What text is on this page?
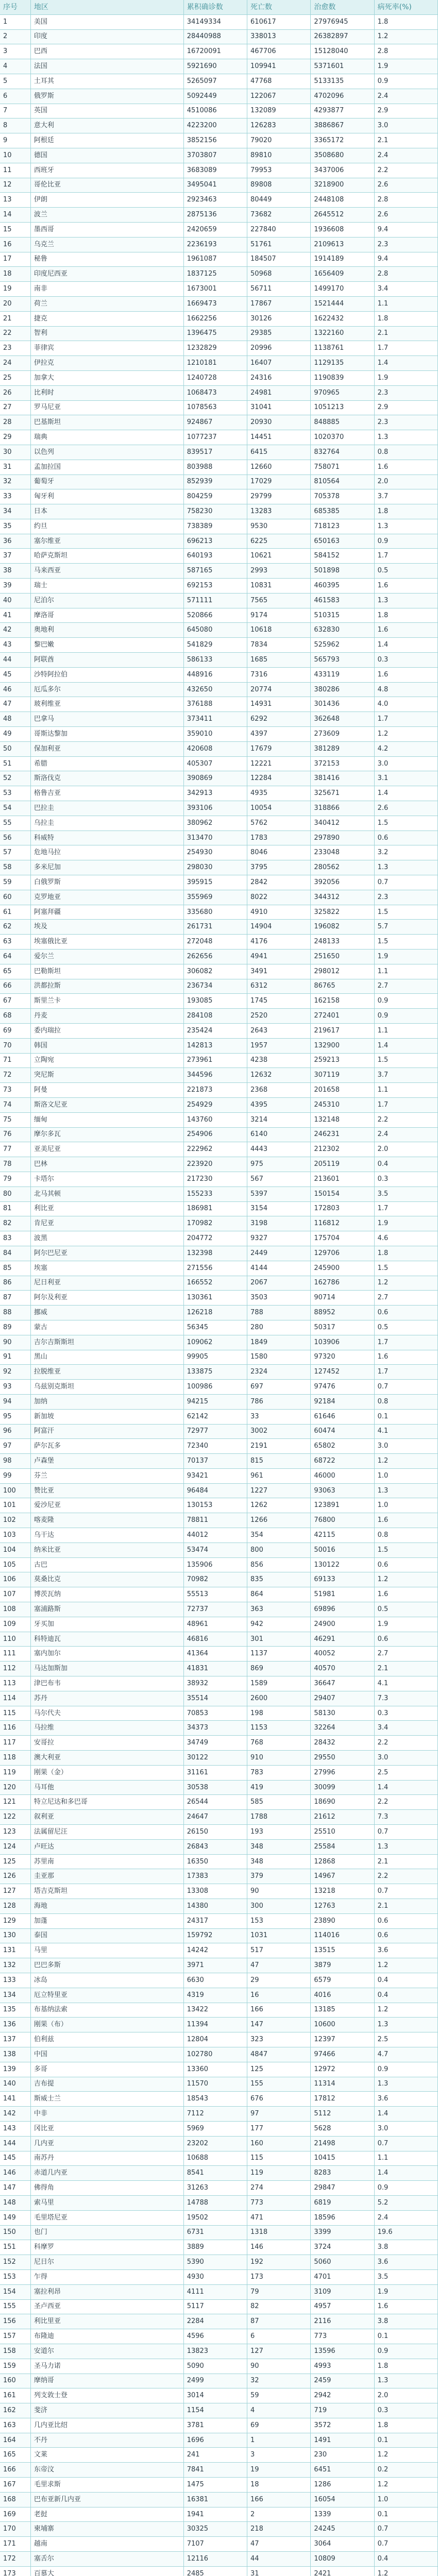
序号	地区	累积确诊数	死亡数	治愈数	病死率(%)
1	美国	34149334	610617	27976945	1.8
2	印度	28440988	338013	26382897	1.2
3	巴西	16720091	467706	15128040	2.8
4	法国	5921690	109941	5371601	1.9
5	土耳其	5265097	47768	5133135	0.9
6	俄罗斯	5092449	122067	4702096	2.4
7	英国	4510086	132089	4293877	2.9
8	意大利	4223200	126283	3886867	3.0
9	阿根廷	3852156	79020	3365172	2.1
10	德国	3703807	89810	3508680	2.4
11	西班牙	3683089	79953	3437006	2.2
12	哥伦比亚	3495041	89808	3218900	2.6
13	伊朗	2923463	80449	2448108	2.8
14	波兰	2875136	73682	2645512	2.6
15	墨西哥	2420659	227840	1936608	9.4
16	乌克兰	2236193	51761	2109613	2.3
17	秘鲁	1961087	184507	1914189	9.4
18	印度尼西亚	1837125	50968	1656409	2.8
19	南非	1673001	56711	1499170	3.4
20	荷兰	1669473	17867	1521444	1.1
21	捷克	1662256	30126	1622432	1.8
22	智利	1396475	29385	1322160	2.1
23	菲律宾	1232829	20996	1138761	1.7
24	伊拉克	1210181	16407	1129135	1.4
25	加拿大	1240728	24316	1190839	1.9
26	比利时	1068473	24981	970965	2.3
27	罗马尼亚	1078563	31041	1051213	2.9
28	巴基斯坦	924867	20930	848885	2.3
29	瑞典	1077237	14451	1020370	1.3
30	以色列	839517	6415	832764	0.8
31	孟加拉国	803988	12660	758071	1.6
32	葡萄牙	852939	17029	810564	2.0
33	匈牙利	804259	29799	705378	3.7
34	日本	758230	13283	685385	1.8
35	约旦	738389	9530	718123	1.3
36	塞尔维亚	696213	6225	650163	0.9
37	哈萨克斯坦	640193	10621	584152	1.7
38	马来西亚	587165	2993	501898	0.5
39	瑞士	692153	10831	460395	1.6
40	尼泊尔	571111	7565	461583	1.3
41	摩洛哥	520866	9174	510315	1.8
42	奥地利	645080	10618	632830	1.6
43	黎巴嫩	541829	7834	525962	1.4
44	阿联酋	586133	1685	565793	0.3
45	沙特阿拉伯	448916	7316	433119	1.6
46	厄瓜多尔	432650	20774	380286	4.8
47	玻利维亚	376188	14931	301436	4.0
48	巴拿马	373411	6292	362648	1.7
49	哥斯达黎加	359010	4397	273609	1.2
50	保加利亚	420608	17679	381289	4.2
51	希腊	405307	12221	372153	3.0
52	斯洛伐克	390869	12284	381416	3.1
53	格鲁吉亚	342913	4935	325671	1.4
54	巴拉圭	393106	10054	318866	2.6
55	乌拉圭	380962	5762	340412	1.5
56	科威特	313470	1783	297890	0.6
57	危地马拉	254930	8046	233048	3.2
58	多米尼加	298030	3795	280562	1.3
59	白俄罗斯	395915	2842	392056	0.7
60	克罗地亚	355969	8022	344312	2.3
61	阿塞拜疆	335680	4910	325822	1.5
62	埃及	261731	14904	196082	5.7
63	埃塞俄比亚	272048	4176	248133	1.5
64	爱尔兰	262656	4941	251650	1.9
65	巴勒斯坦	306082	3491	298012	1.1
66	洪都拉斯	236734	6312	86765	2.7
67	斯里兰卡	193085	1745	162158	0.9
68	丹麦	284108	2520	272401	0.9
69	委内瑞拉	235424	2643	219617	1.1
70	韩国	142813	1957	132900	1.4
71	立陶宛	273961	4238	259213	1.5
72	突尼斯	344596	12632	307119	3.7
73	阿曼	221873	2368	201658	1.1
74	斯洛文尼亚	254929	4395	245310	1.7
75	缅甸	143760	3214	132148	2.2
76	摩尔多瓦	254906	6140	246231	2.4
77	亚美尼亚	222962	4443	212302	2.0
78	巴林	223920	975	205119	0.4
79	卡塔尔	217230	567	213601	0.3
80	北马其顿	155233	5397	150154	3.5
81	利比亚	186981	3154	172803	1.7
82	肯尼亚	170982	3198	116812	1.9
83	波黑	204772	9327	175704	4.6
84	阿尔巴尼亚	132398	2449	129706	1.8
85	埃塞	271556	4144	245900	1.5
86	尼日利亚	166552	2067	162786	1.2
87	阿尔及利亚	130361	3503	90714	2.7
88	挪威	126218	788	88952	0.6
89	蒙古	56345	280	50317	0.5
90	吉尔吉斯斯坦	109062	1849	103906	1.7
91	黑山	99905	1580	97320	1.6
92	拉脱维亚	133875	2324	127452	1.7
93	乌兹别克斯坦	100986	697	97476	0.7
94	加纳	94215	786	92184	0.8
95	新加坡	62142	33	61646	0.1
96	阿富汗	72977	3002	60474	4.1
97	萨尔瓦多	72340	2191	65802	3.0
98	卢森堡	70137	815	68722	1.2
99	芬兰	93421	961	46000	1.0
100	赞比亚	96484	1227	93063	1.3
101	爱沙尼亚	130153	1262	123891	1.0
102	喀麦隆	78811	1266	76800	1.6
103	乌干达	44012	354	42115	0.8
104	纳米比亚	53474	800	50016	1.5
105	古巴	135906	856	130122	0.6
106	莫桑比克	70982	835	69133	1.2
107	博茨瓦纳	55513	864	51981	1.6
108	塞浦路斯	72737	363	69896	0.5
109	牙买加	48961	942	24900	1.9
110	科特迪瓦	46816	301	46291	0.6
111	塞内加尔	41364	1137	40052	2.7
112	马达加斯加	41831	869	40570	2.1
113	津巴布韦	38932	1589	36647	4.1
114	苏丹	35514	2600	29407	7.3
115	马尔代夫	70853	198	58130	0.3
116	马拉维	34373	1153	32264	3.4
117	安哥拉	34749	768	28432	2.2
118	澳大利亚	30122	910	29550	3.0
119	刚果（金）	31161	783	27996	2.5
120	马耳他	30538	419	30099	1.4
121	特立尼达和多巴哥	26544	585	18690	2.2
122	叙利亚	24647	1788	21612	7.3
123	法属留尼汪	26150	193	25510	0.7
124	卢旺达	26843	348	25584	1.3
125	苏里南	16350	348	12868	2.1
126	圭亚那	17383	379	14967	2.2
127	塔吉克斯坦	13308	90	13218	0.7
128	海地	14380	300	12763	2.1
129	加蓬	24317	153	23890	0.6
130	泰国	159792	1031	114016	0.6
131	马里	14242	517	13515	3.6
132	巴巴多斯	3971	47	3879	1.2
133	冰岛	6630	29	6579	0.4
134	厄立特里亚	4319	16	4016	0.4
135	布基纳法索	13422	166	13185	1.2
136	刚果（布）	11394	147	10600	1.3
137	伯利兹	12804	323	12397	2.5
138	中国	102780	4847	97466	4.7
139	多哥	13360	125	12972	0.9
140	吉布提	11570	155	11314	1.3
141	斯威士兰	18543	676	17812	3.6
142	中非	7112	97	5112	1.4
143	冈比亚	5969	177	5628	3.0
144	几内亚	23202	160	21498	0.7
145	南苏丹	10688	115	10415	1.1
146	赤道几内亚	8541	119	8283	1.4
147	佛得角	31263	274	29847	0.9
148	索马里	14788	773	6819	5.2
149	毛里塔尼亚	19502	471	18596	2.4
150	也门	6731	1318	3399	19.6
151	科摩罗	3889	146	3724	3.8
152	尼日尔	5390	192	5060	3.6
153	乍得	4930	173	4701	3.5
154	塞拉利昂	4111	79	3109	1.9
155	圣卢西亚	5117	82	4957	1.6
156	利比里亚	2284	87	2116	3.8
157	布隆迪	4596	6	773	0.1
158	安道尔	13823	127	13596	0.9
159	圣马力诺	5090	90	4993	1.8
160	摩纳哥	2499	32	2459	1.3
161	列支敦士登	3014	59	2942	2.0
162	斐济	1154	4	719	0.3
163	几内亚比绍	3781	69	3572	1.8
164	不丹	1696	1	1491	0.1
165	文莱	241	3	230	1.2
166	东帝汶	7841	19	6451	0.2
167	毛里求斯	1475	18	1286	1.2
168	巴布亚新几内亚	16381	166	16054	1.0
169	老挝	1941	2	1339	0.1
170	柬埔寨	30325	218	24245	0.7
171	越南	7107	47	3064	0.7
172	塞舌尔	12116	44	10809	0.4
173	百慕大	2485	31	2421	1.2
